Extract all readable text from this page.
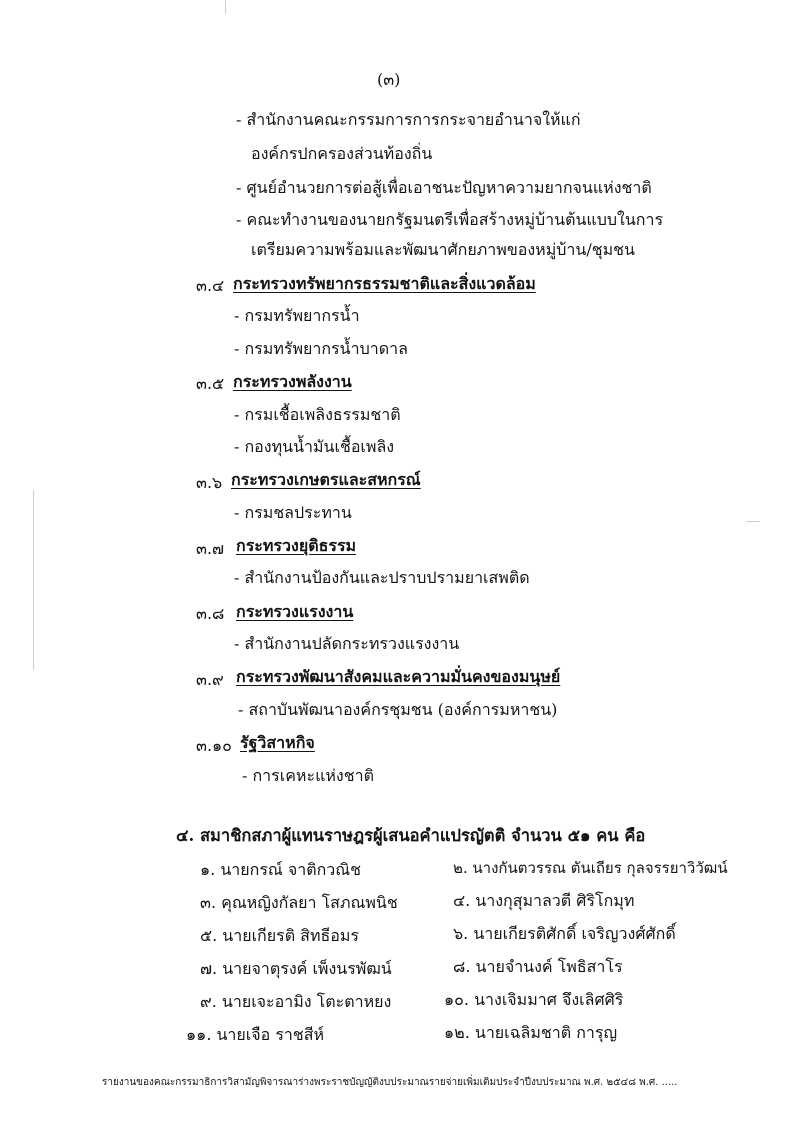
(๓)
- สำนักงานคณะกรรมการการกระจายอำนาจให้แก่
องค์กรปกครองส่วนท้องถิ่น
- ศูนย์อำนวยการต่อสู้เพื่อเอาชนะปัญหาความยากจนแห่งชาติ
- คณะทำงานของนายกรัฐมนตรีเพื่อสร้างหมู่บ้านต้นแบบในการ
เตรียมความพร้อมและพัฒนาศักยภาพของหมู่บ้าน/ชุมชน
๓.๔ กระทรวงทรัพยากรธรรมชาติและสิ่งแวดล้อม
- กรมทรัพยากรน้ำ
- กรมทรัพยากรน้ำบาดาล
๓.๕ กระทรวงพลังงาน
- กรมเชื้อเพลิงธรรมชาติ
- กองทุนน้ำมันเชื้อเพลิง
๓.๖ กระทรวงเกษตรและสหกรณ์
- กรมชลประทาน
๓.๗ กระทรวงยุติธรรม
- สำนักงานป้องกันและปราบปรามยาเสพติด
๓.๘ กระทรวงแรงงาน
- สำนักงานปลัดกระทรวงแรงงาน
๓.๙ กระทรวงพัฒนาสังคมและความมั่นคงของมนุษย์
- สถาบันพัฒนาองค์กรชุมชน (องค์การมหาชน)
๓.๑๐ รัฐวิสาหกิจ
- การเคหะแห่งชาติ
๔. สมาชิกสภาผู้แทนราษฎรผู้เสนอคำแปรญัตติ จำนวน ๕๑ คน คือ
๑. นายกรณ์ จาติกวณิช	๒. นางกันตวรรณ ตันเถียร กุลจรรยาวิวัฒน์
๓. คุณหญิงกัลยา โสภณพนิช	๔. นางกุสุมาลวตี ศิริโกมุท
๕. นายเกียรติ สิทธีอมร	๖. นายเกียรติศักดิ์ เจริญวงศ์ศักดิ์
๗. นายจาตุรงค์ เพ็งนรพัฒน์	๘. นายจำนงค์ โพธิสาโร
๙. นายเจะอามิง โตะตาหยง	๑๐. นางเจิมมาศ จึงเลิศศิริ
๑๑. นายเจือ ราชสีห์	๑๒. นายเฉลิมชาติ การุญ
รายงานของคณะกรรมาธิการวิสามัญพิจารณาร่างพระราชบัญญัติงบประมาณรายจ่ายเพิ่มเติมประจำปีงบประมาณ พ.ศ. ๒๕๔๘ พ.ศ. .....
